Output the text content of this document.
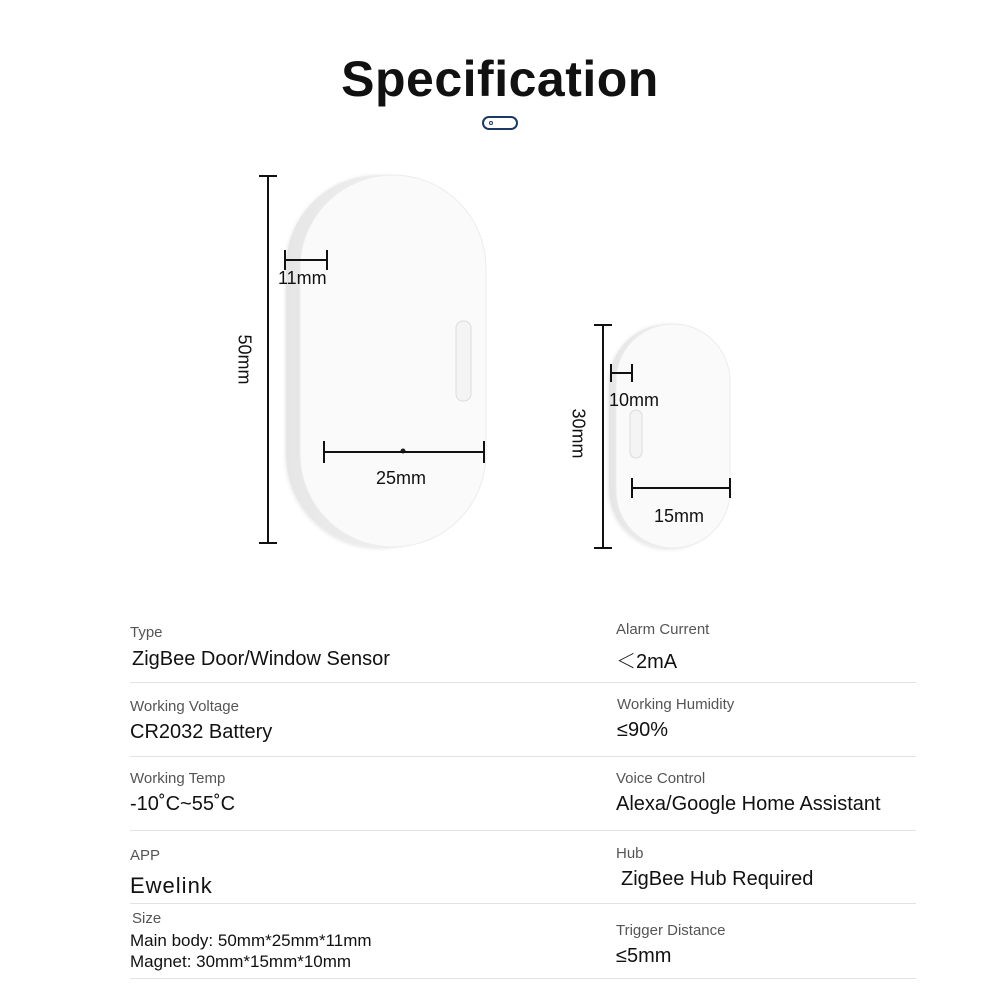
Specification
50mm
11mm
25mm
30mm
10mm
15mm
Type
ZigBee Door/Window Sensor
Working Voltage
CR2032 Battery
Working Temp
-10˚C~55˚C
APP
Ewelink
Size
Main body: 50mm*25mm*11mm
Magnet: 30mm*15mm*10mm
Alarm Current
＜2mA
Working Humidity
≤90%
Voice Control
Alexa/Google Home Assistant
Hub
ZigBee Hub Required
Trigger Distance
≤5mm
